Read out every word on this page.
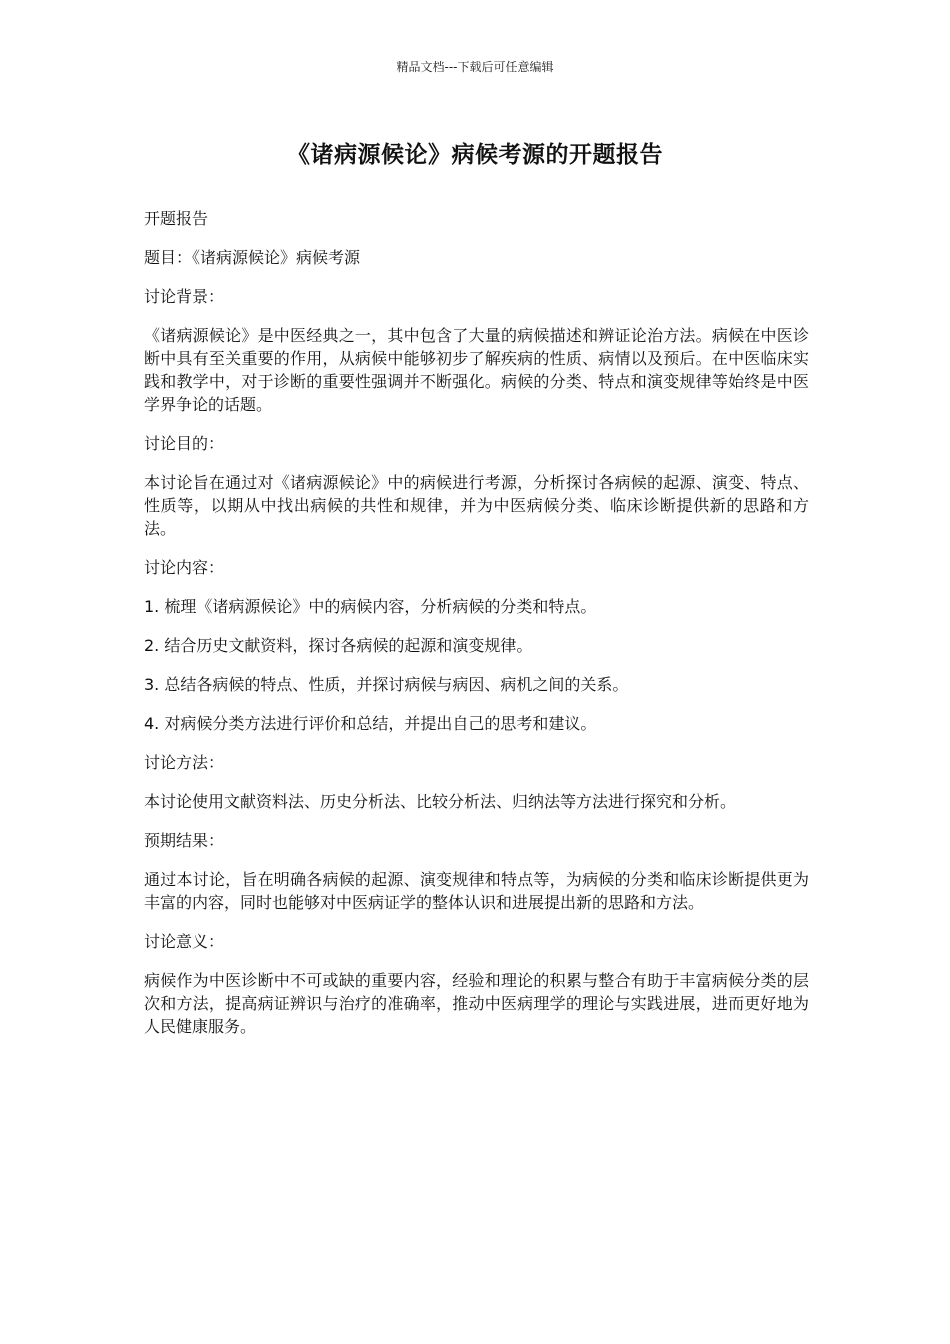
精品文档---下载后可任意编辑
《诸病源候论》病候考源的开题报告

开题报告

题目：《诸病源候论》病候考源

讨论背景：

《诸病源候论》是中医经典之一，其中包含了大量的病候描述和辨证论治方法。病候在中医诊断中具有至关重要的作用，从病候中能够初步了解疾病的性质、病情以及预后。在中医临床实践和教学中，对于诊断的重要性强调并不断强化。病候的分类、特点和演变规律等始终是中医学界争论的话题。

讨论目的：

本讨论旨在通过对《诸病源候论》中的病候进行考源，分析探讨各病候的起源、演变、特点、性质等，以期从中找出病候的共性和规律，并为中医病候分类、临床诊断提供新的思路和方法。

讨论内容：

1. 梳理《诸病源候论》中的病候内容，分析病候的分类和特点。

2. 结合历史文献资料，探讨各病候的起源和演变规律。

3. 总结各病候的特点、性质，并探讨病候与病因、病机之间的关系。

4. 对病候分类方法进行评价和总结，并提出自己的思考和建议。

讨论方法：

本讨论使用文献资料法、历史分析法、比较分析法、归纳法等方法进行探究和分析。

预期结果：

通过本讨论，旨在明确各病候的起源、演变规律和特点等，为病候的分类和临床诊断提供更为丰富的内容，同时也能够对中医病证学的整体认识和进展提出新的思路和方法。

讨论意义：

病候作为中医诊断中不可或缺的重要内容，经验和理论的积累与整合有助于丰富病候分类的层次和方法，提高病证辨识与治疗的准确率，推动中医病理学的理论与实践进展，进而更好地为人民健康服务。
